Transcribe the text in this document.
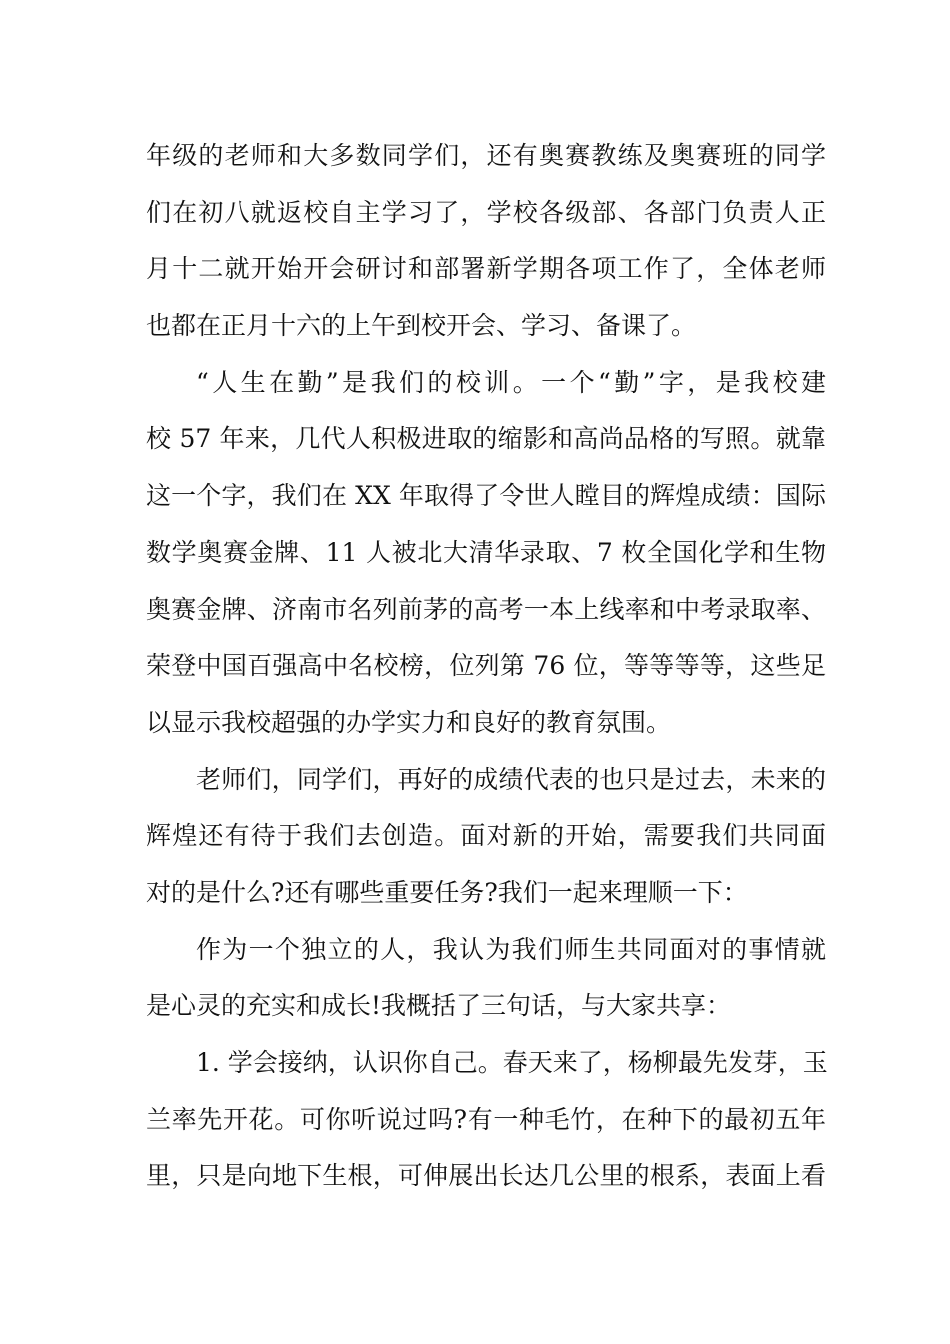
年级的老师和大多数同学们，还有奥赛教练及奥赛班的同学
们在初八就返校自主学习了，学校各级部、各部门负责人正
月十二就开始开会研讨和部署新学期各项工作了，全体老师
也都在正月十六的上午到校开会、学习、备课了。
“人生在勤”是我们的校训。一个“勤”字，是我校建
校 57 年来，几代人积极进取的缩影和高尚品格的写照。就靠
这一个字，我们在 XX 年取得了令世人瞠目的辉煌成绩：国际
数学奥赛金牌、11 人被北大清华录取、7 枚全国化学和生物
奥赛金牌、济南市名列前茅的高考一本上线率和中考录取率、
荣登中国百强高中名校榜，位列第 76 位，等等等等，这些足
以显示我校超强的办学实力和良好的教育氛围。
老师们，同学们，再好的成绩代表的也只是过去，未来的
辉煌还有待于我们去创造。面对新的开始，需要我们共同面
对的是什么?还有哪些重要任务?我们一起来理顺一下：
作为一个独立的人，我认为我们师生共同面对的事情就
是心灵的充实和成长!我概括了三句话，与大家共享：
1. 学会接纳，认识你自己。春天来了，杨柳最先发芽，玉
兰率先开花。可你听说过吗?有一种毛竹，在种下的最初五年
里，只是向地下生根，可伸展出长达几公里的根系，表面上看
